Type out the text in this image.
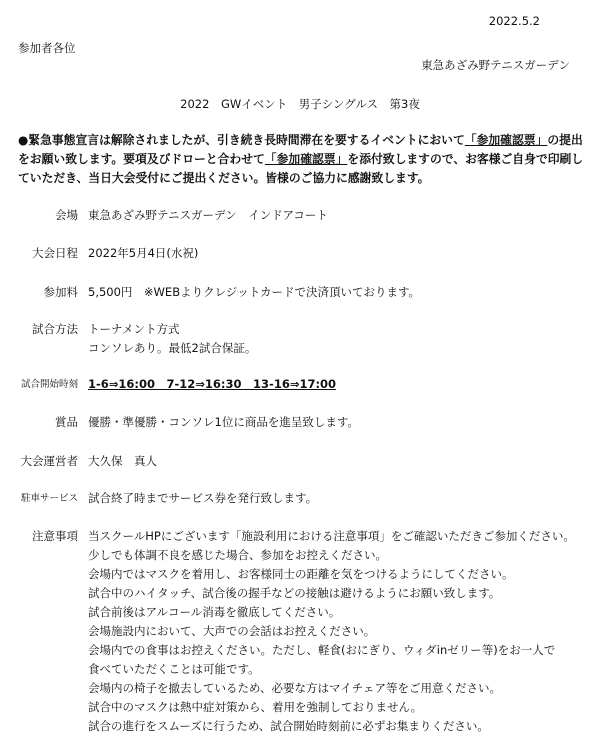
2022.5.2
参加者各位
東急あざみ野テニスガーデン
2022　GWイベント　男子シングルス　第3夜
●緊急事態宣言は解除されましたが、引き続き長時間滞在を要するイベントにおいて「参加確認票」の提出をお願い致します。要項及びドローと合わせて「参加確認票」を添付致しますので、お客様ご自身で印刷していただき、当日大会受付にご提出ください。皆様のご協力に感謝致します。
会場 東急あざみ野テニスガーデン　インドアコート
大会日程 2022年5月4日(水祝)
参加料 5,500円　※WEBよりクレジットカードで決済頂いております。
試合方法 トーナメント方式
コンソレあり。最低2試合保証。
試合開始時刻 1-6⇒16:00　7-12⇒16:30　13-16⇒17:00
賞品 優勝・準優勝・コンソレ1位に商品を進呈致します。
大会運営者 大久保　真人
駐車サービス 試合終了時までサービス券を発行致します。
注意事項 当スクールHPにございます「施設利用における注意事項」をご確認いただきご参加ください。
少しでも体調不良を感じた場合、参加をお控えください。
会場内ではマスクを着用し、お客様同士の距離を気をつけるようにしてください。
試合中のハイタッチ、試合後の握手などの接触は避けるようにお願い致します。
試合前後はアルコール消毒を徹底してください。
会場施設内において、大声での会話はお控えください。
会場内での食事はお控えください。ただし、軽食(おにぎり、ウィダinゼリー等)をお一人で
食べていただくことは可能です。
会場内の椅子を撤去しているため、必要な方はマイチェア等をご用意ください。
試合中のマスクは熱中症対策から、着用を強制しておりません。
試合の進行をスムーズに行うため、試合開始時刻前に必ずお集まりください。
